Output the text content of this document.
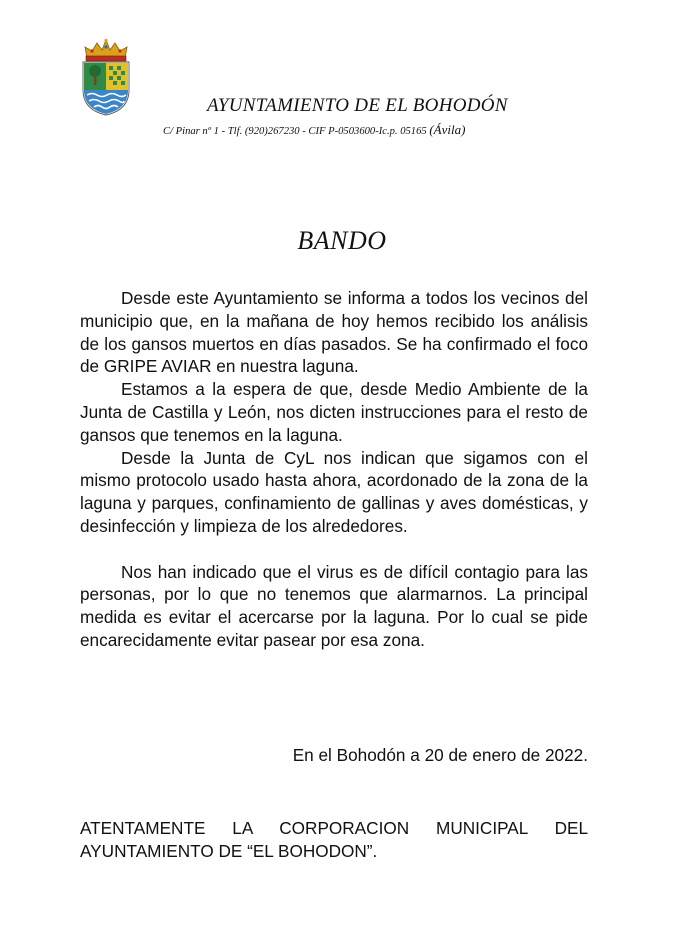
AYUNTAMIENTO DE EL BOHODÓN
C/ Pinar nº 1 - Tlf. (920)267230 - CIF P-0503600-Ic.p. 05165 (Ávila)
BANDO

Desde este Ayuntamiento se informa a todos los vecinos del municipio que, en la mañana de hoy hemos recibido los análisis de los gansos muertos en días pasados. Se ha confirmado el foco de GRIPE AVIAR en nuestra laguna.

Estamos a la espera de que, desde Medio Ambiente de la Junta de Castilla y León, nos dicten instrucciones para el resto de gansos que tenemos en la laguna.

Desde la Junta de CyL nos indican que sigamos con el mismo protocolo usado hasta ahora, acordonado de la zona de la laguna y parques, confinamiento de gallinas y aves domésticas, y desinfección y limpieza de los alrededores.

Nos han indicado que el virus es de difícil contagio para las personas, por lo que no tenemos que alarmarnos. La principal medida es evitar el acercarse por la laguna. Por lo cual se pide encarecidamente evitar pasear por esa zona.

En el Bohodón a 20 de enero de 2022.

ATENTAMENTE LA CORPORACION MUNICIPAL DEL AYUNTAMIENTO DE “EL BOHODON”.
